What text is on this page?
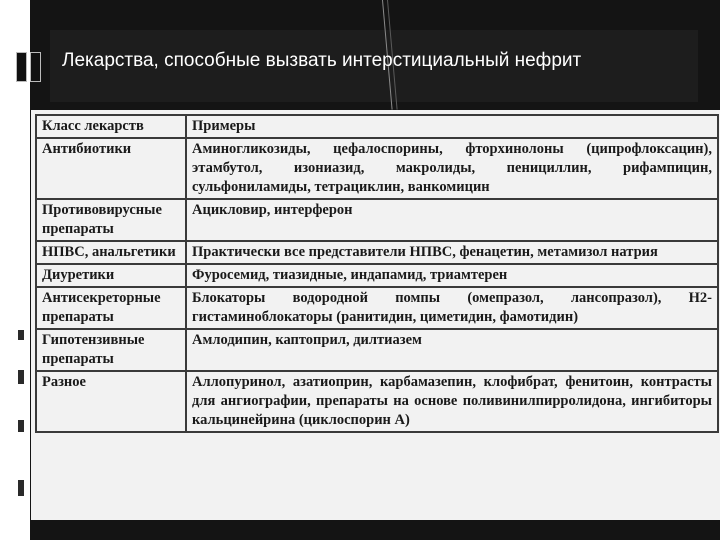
Лекарства, способные вызвать интерстициальный нефрит
Класс лекарств	Примеры
Антибиотики	Аминогликозиды, цефалоспорины, фторхинолоны (ципрофлоксацин), этамбутол, изониазид, макролиды, пенициллин, рифампицин, сульфониламиды, тетрациклин, ванкомицин
Противовирусные препараты	Ацикловир, интерферон
НПВС, анальгетики	Практически все представители НПВС, фенацетин, метамизол натрия
Диуретики	Фуросемид, тиазидные, индапамид, триамтерен
Антисекреторные препараты	Блокаторы водородной помпы (омепразол, лансопразол), H2-гистаминоблокаторы (ранитидин, циметидин, фамотидин)
Гипотензивные препараты	Амлодипин, каптоприл, дилтиазем
Разное	Аллопуринол, азатиоприн, карбамазепин, клофибрат, фенитоин, контрасты для ангиографии, препараты на основе поливинилпирролидона, ингибиторы кальцинейрина (циклоспорин А)
